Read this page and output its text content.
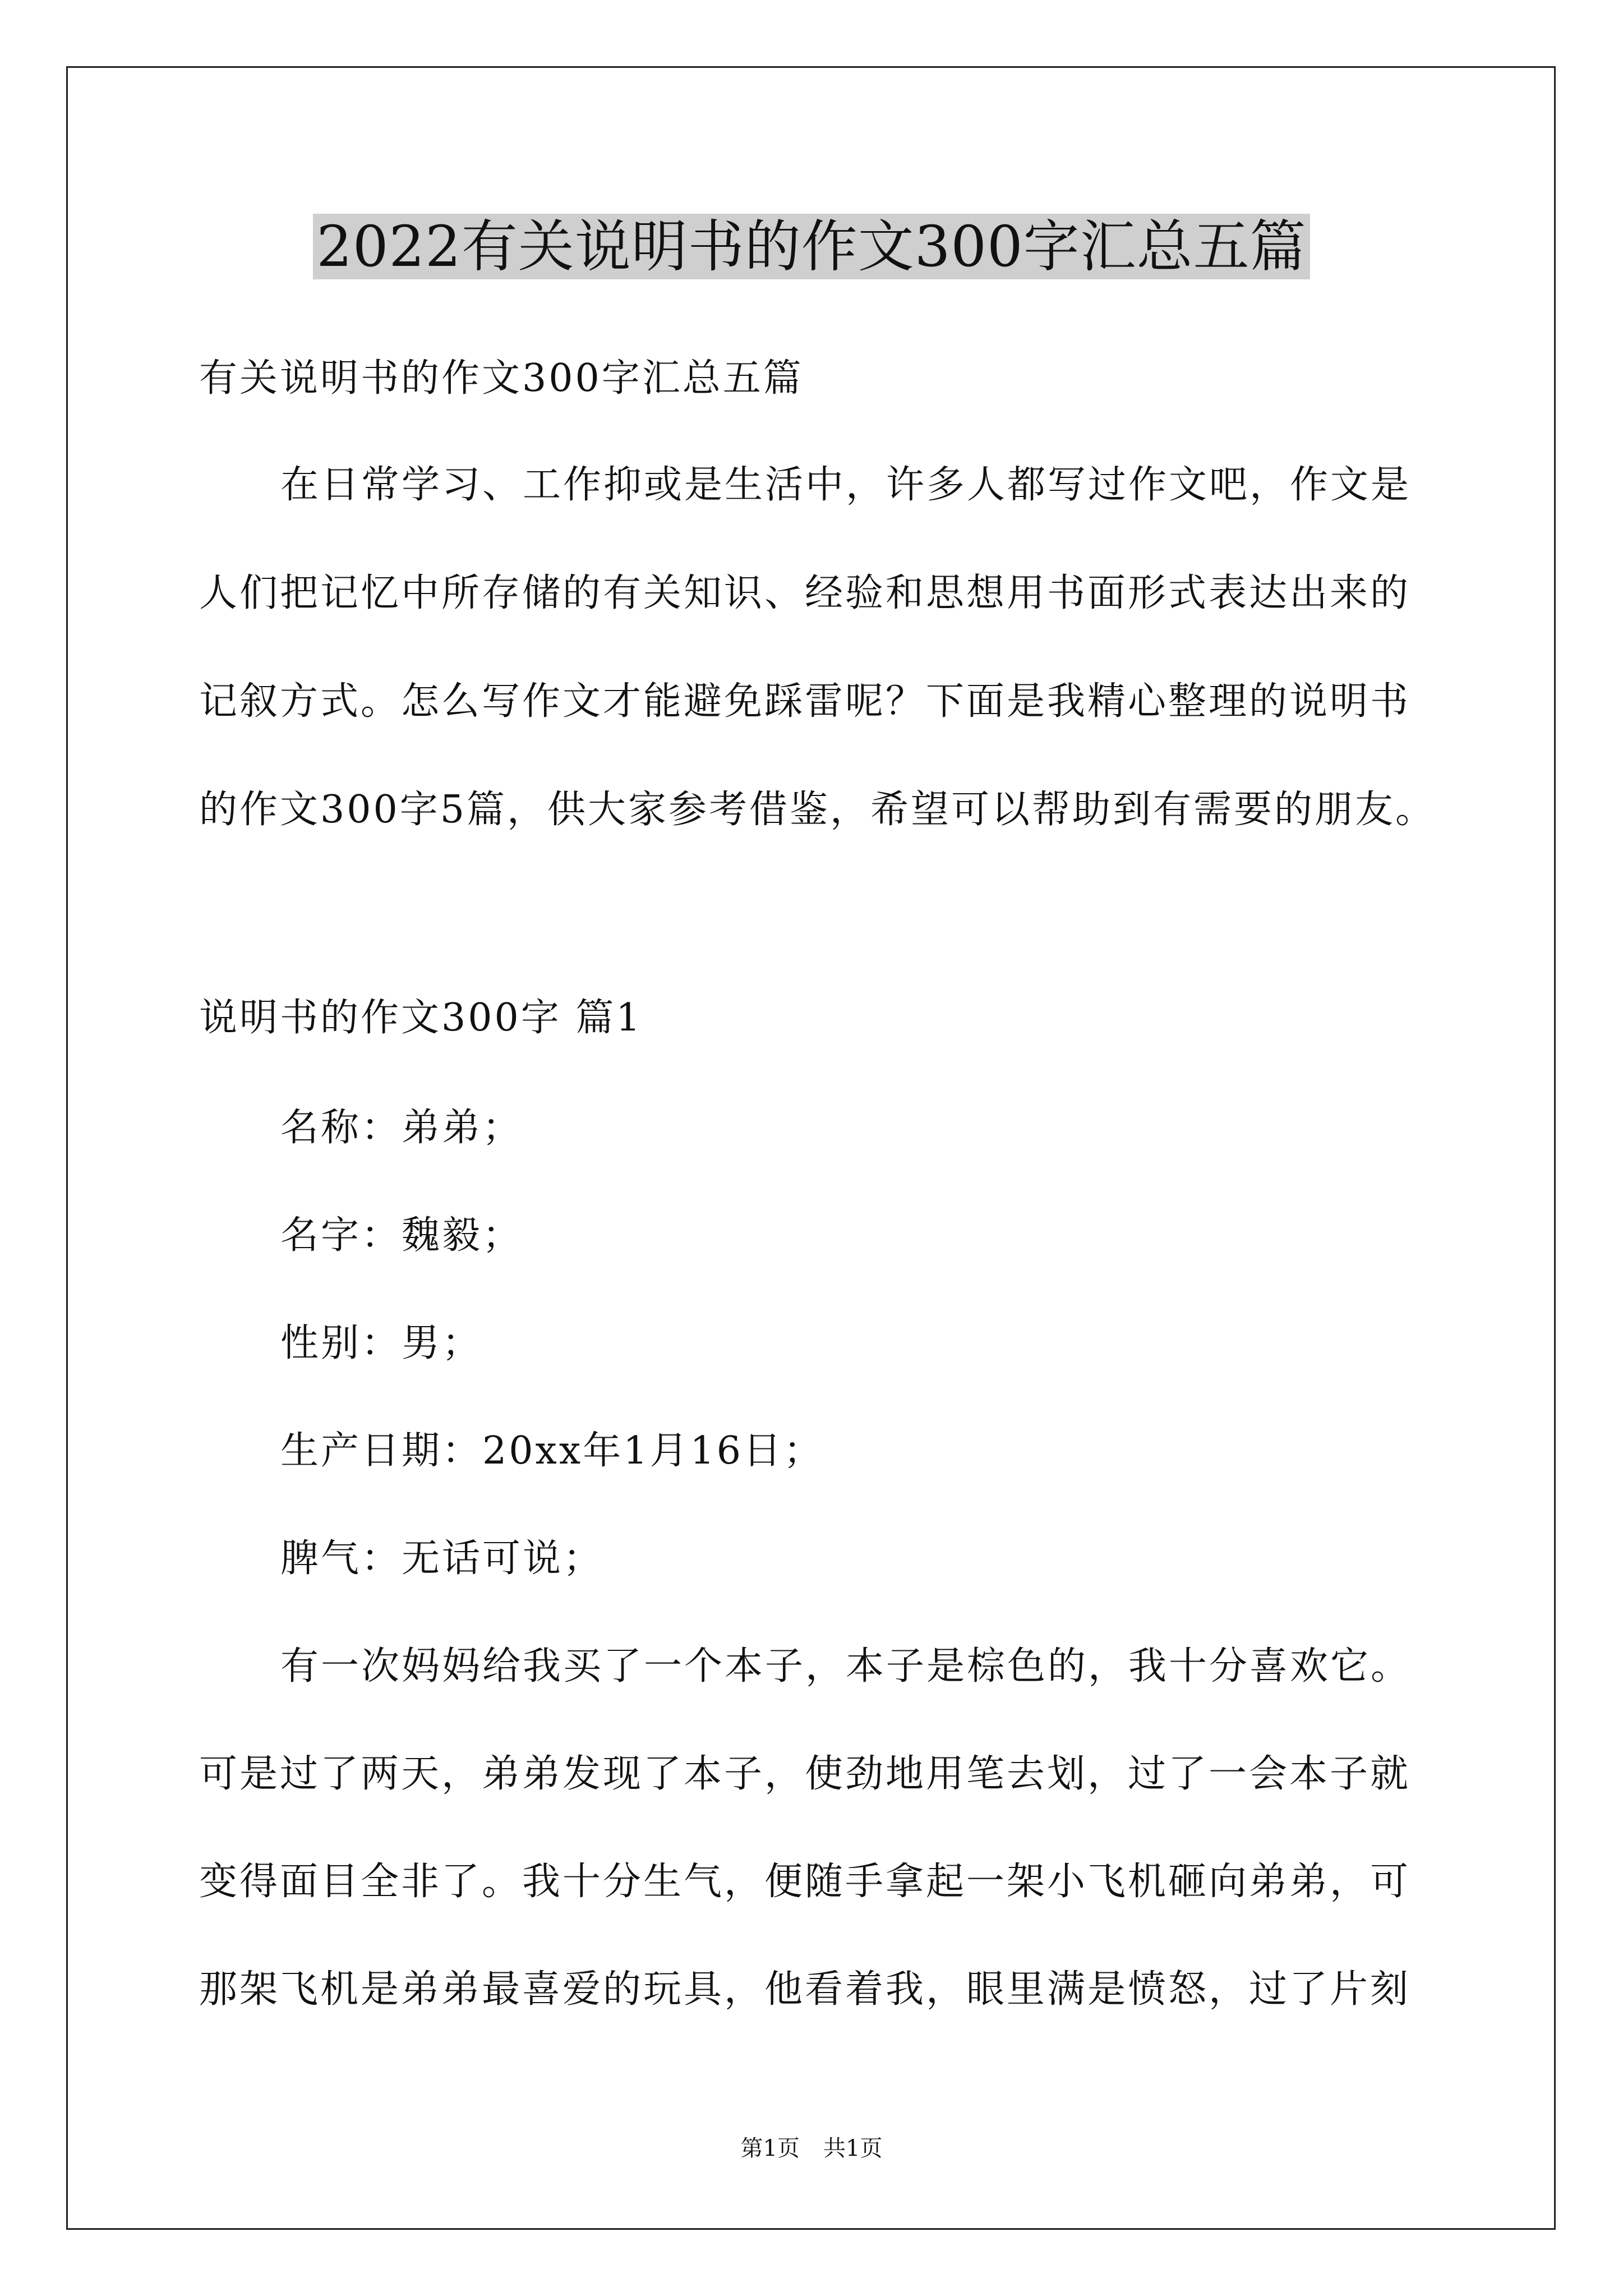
2022有关说明书的作文300字汇总五篇
有关说明书的作文300字汇总五篇
在日常学习、工作抑或是生活中，许多人都写过作文吧，作文是
人们把记忆中所存储的有关知识、经验和思想用书面形式表达出来的
记叙方式。怎么写作文才能避免踩雷呢？下面是我精心整理的说明书
的作文300字5篇，供大家参考借鉴，希望可以帮助到有需要的朋友。
说明书的作文300字 篇1
名称：弟弟；
名字：魏毅；
性别：男；
生产日期：20xx年1月16日；
脾气：无话可说；
有一次妈妈给我买了一个本子，本子是棕色的，我十分喜欢它。
可是过了两天，弟弟发现了本子，使劲地用笔去划，过了一会本子就
变得面目全非了。我十分生气，便随手拿起一架小飞机砸向弟弟，可
那架飞机是弟弟最喜爱的玩具，他看着我，眼里满是愤怒，过了片刻
第1页 共1页
